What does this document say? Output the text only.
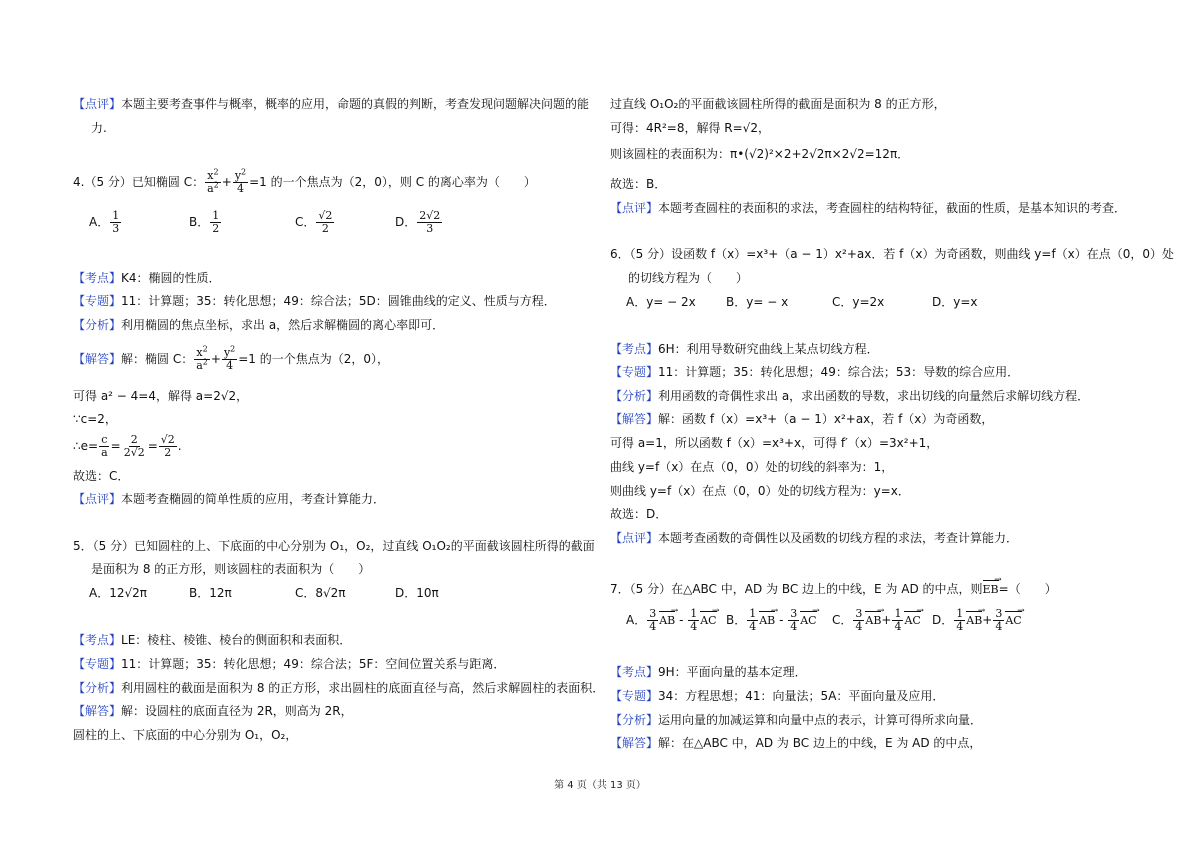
【点评】本题主要考查事件与概率，概率的应用，命题的真假的判断，考查发现问题解决问题的能
力.
4.（5 分）已知椭圆 C： $\frac{x^2}{a^2} + \frac{y^2}{4} =1$ 的一个焦点为（2，0），则 C 的离心率为（　　）
A． $\frac{1}{3}$	B． $\frac{1}{2}$	C． $\frac{√2}{2}$	D． $\frac{2√2}{3}$
【考点】K4：椭圆的性质．
【专题】11：计算题；35：转化思想；49：综合法；5D：圆锥曲线的定义、性质与方程．
【分析】利用椭圆的焦点坐标，求出 a，然后求解椭圆的离心率即可．
【解答】解：椭圆 C： $\frac{x^2}{a^2} + \frac{y^2}{4} =1$ 的一个焦点为（2，0），
可得 a² − 4=4，解得 a=2√2，
∵c=2，
∴e= $\frac{c}{a} = \frac{2}{2√2} = \frac{√2}{2}$ .
故选：C．
【点评】本题考查椭圆的简单性质的应用，考查计算能力．
5．（5 分）已知圆柱的上、下底面的中心分别为 O₁，O₂，过直线 O₁O₂的平面截该圆柱所得的截面
是面积为 8 的正方形，则该圆柱的表面积为（　　）
A．12√2π	B．12π	C．8√2π	D．10π
【考点】LE：棱柱、棱锥、棱台的侧面积和表面积．
【专题】11：计算题；35：转化思想；49：综合法；5F：空间位置关系与距离．
【分析】利用圆柱的截面是面积为 8 的正方形，求出圆柱的底面直径与高，然后求解圆柱的表面积．
【解答】解：设圆柱的底面直径为 2R，则高为 2R，
圆柱的上、下底面的中心分别为 O₁，O₂，
过直线 O₁O₂的平面截该圆柱所得的截面是面积为 8 的正方形，
可得：4R²=8，解得 R=√2，
则该圆柱的表面积为：π•(√2)²×2+2√2π×2√2=12π．
故选：B．
【点评】本题考查圆柱的表面积的求法，考查圆柱的结构特征，截面的性质，是基本知识的考查．
6．（5 分）设函数 f（x）=x³+（a − 1）x²+ax．若 f（x）为奇函数，则曲线 y=f（x）在点（0，0）处
的切线方程为（　　）
A．y= − 2x	B．y= − x	C．y=2x	D．y=x
【考点】6H：利用导数研究曲线上某点切线方程．
【专题】11：计算题；35：转化思想；49：综合法；53：导数的综合应用．
【分析】利用函数的奇偶性求出 a，求出函数的导数，求出切线的向量然后求解切线方程．
【解答】解：函数 f（x）=x³+（a − 1）x²+ax，若 f（x）为奇函数，
可得 a=1，所以函数 f（x）=x³+x，可得 f′（x）=3x²+1，
曲线 y=f（x）在点（0，0）处的切线的斜率为：1，
则曲线 y=f（x）在点（0，0）处的切线方程为：y=x．
故选：D．
【点评】本题考查函数的奇偶性以及函数的切线方程的求法，考查计算能力．
7．（5 分）在△ABC 中，AD 为 BC 边上的中线，E 为 AD 的中点，则EB →=（　　）
A． $\frac{3}{4}$ AB → - $\frac{1}{4}$ AC → B． $\frac{1}{4}$ AB → - $\frac{3}{4}$ AC → C． $\frac{3}{4}$ AB →+ $\frac{1}{4}$ AC → D． $\frac{1}{4}$ AB →+ $\frac{3}{4}$ AC →
【考点】9H：平面向量的基本定理．
【专题】34：方程思想；41：向量法；5A：平面向量及应用．
【分析】运用向量的加减运算和向量中点的表示，计算可得所求向量．
【解答】解：在△ABC 中，AD 为 BC 边上的中线，E 为 AD 的中点，
第 4 页（共 13 页）
